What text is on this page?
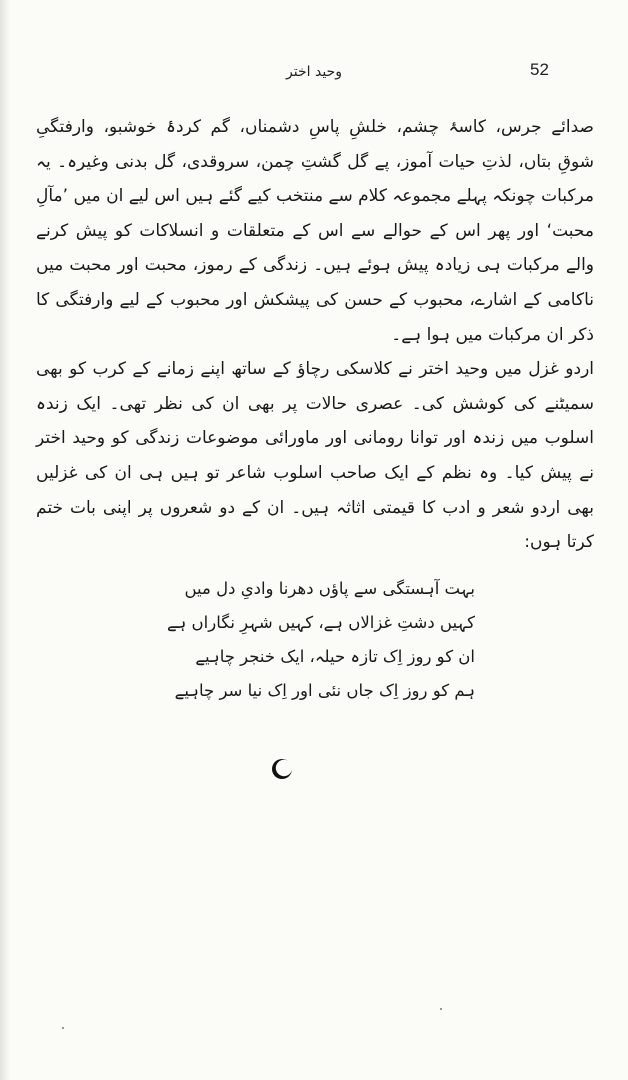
52
وحید اختر

صدائے جرس، کاسۂ چشم، خلشِ پاسِ دشمناں، گم کردۂ خوشبو، وارفتگیِ شوقِ بتاں، لذتِ حیات آموز، پے گل گشتِ چمن، سروقدی، گل بدنی وغیرہ۔ یہ مرکبات چونکہ پہلے مجموعہ کلام سے منتخب کیے گئے ہیں اس لیے ان میں ’مآلِ محبت‘ اور پھر اس کے حوالے سے اس کے متعلقات و انسلاکات کو پیش کرنے والے مرکبات ہی زیادہ پیش ہوئے ہیں۔ زندگی کے رموز، محبت اور محبت میں ناکامی کے اشارے، محبوب کے حسن کی پیشکش اور محبوب کے لیے وارفتگی کا ذکر ان مرکبات میں ہوا ہے۔

اردو غزل میں وحید اختر نے کلاسکی رچاؤ کے ساتھ اپنے زمانے کے کرب کو بھی سمیٹنے کی کوشش کی۔ عصری حالات پر بھی ان کی نظر تھی۔ ایک زندہ اسلوب میں زندہ اور توانا رومانی اور ماورائی موضوعات زندگی کو وحید اختر نے پیش کیا۔ وہ نظم کے ایک صاحب اسلوب شاعر تو ہیں ہی ان کی غزلیں بھی اردو شعر و ادب کا قیمتی اثاثہ ہیں۔ ان کے دو شعروں پر اپنی بات ختم کرتا ہوں:

بہت آہستگی سے پاؤں دھرنا وادیِ دل میں
کہیں دشتِ غزالاں ہے، کہیں شہرِ نگاراں ہے
ان کو روز اِک تازہ حیلہ، ایک خنجر چاہیے
ہم کو روز اِک جاں نئی اور اِک نیا سر چاہیے
